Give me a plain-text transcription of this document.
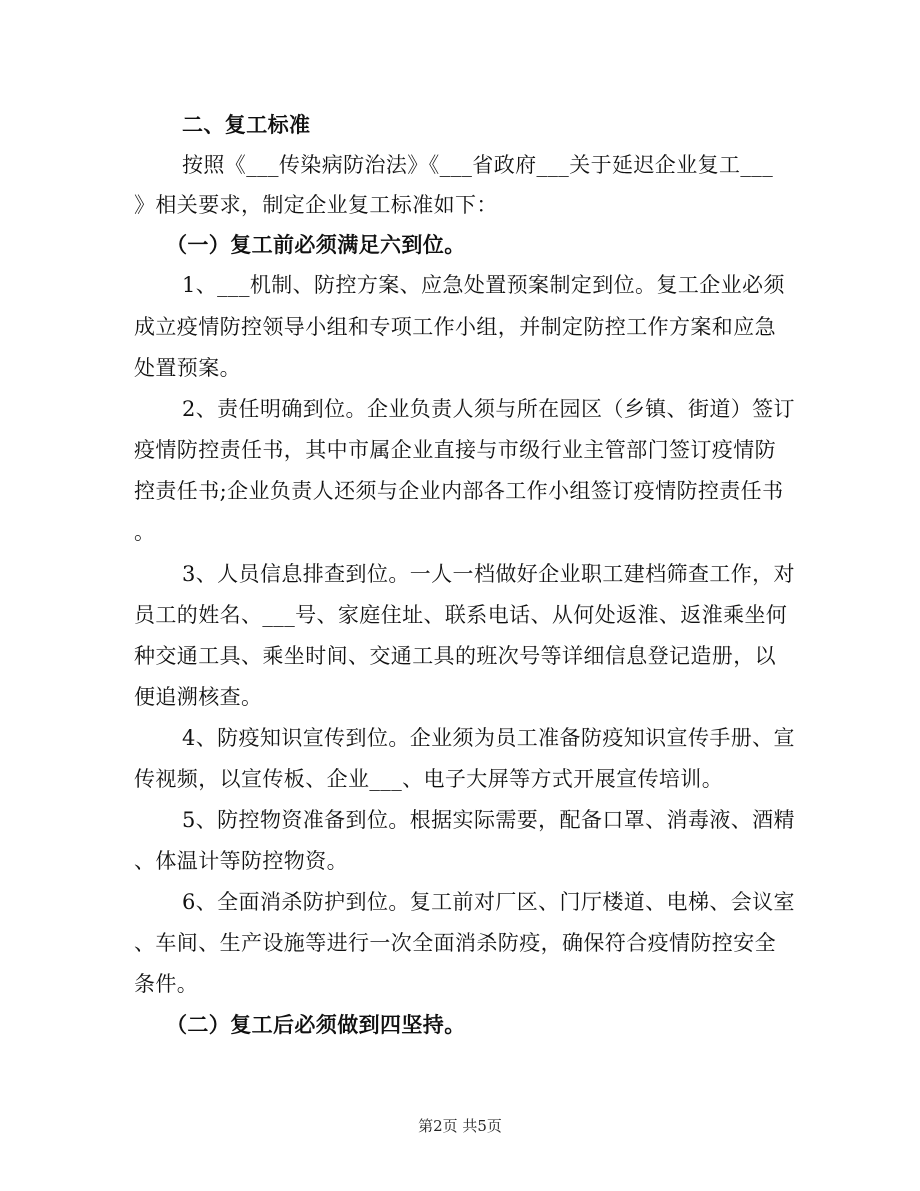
二、复工标准
按照《___传染病防治法》《___省政府___关于延迟企业复工___
》相关要求，制定企业复工标准如下：
（一）复工前必须满足六到位。
1、___机制、防控方案、应急处置预案制定到位。复工企业必须
成立疫情防控领导小组和专项工作小组，并制定防控工作方案和应急
处置预案。
2、责任明确到位。企业负责人须与所在园区（乡镇、街道）签订
疫情防控责任书，其中市属企业直接与市级行业主管部门签订疫情防
控责任书;企业负责人还须与企业内部各工作小组签订疫情防控责任书
。
3、人员信息排查到位。一人一档做好企业职工建档筛查工作，对
员工的姓名、___号、家庭住址、联系电话、从何处返淮、返淮乘坐何
种交通工具、乘坐时间、交通工具的班次号等详细信息登记造册，以
便追溯核查。
4、防疫知识宣传到位。企业须为员工准备防疫知识宣传手册、宣
传视频，以宣传板、企业___、电子大屏等方式开展宣传培训。
5、防控物资准备到位。根据实际需要，配备口罩、消毒液、酒精
、体温计等防控物资。
6、全面消杀防护到位。复工前对厂区、门厅楼道、电梯、会议室
、车间、生产设施等进行一次全面消杀防疫，确保符合疫情防控安全
条件。
（二）复工后必须做到四坚持。
第2页 共5页
